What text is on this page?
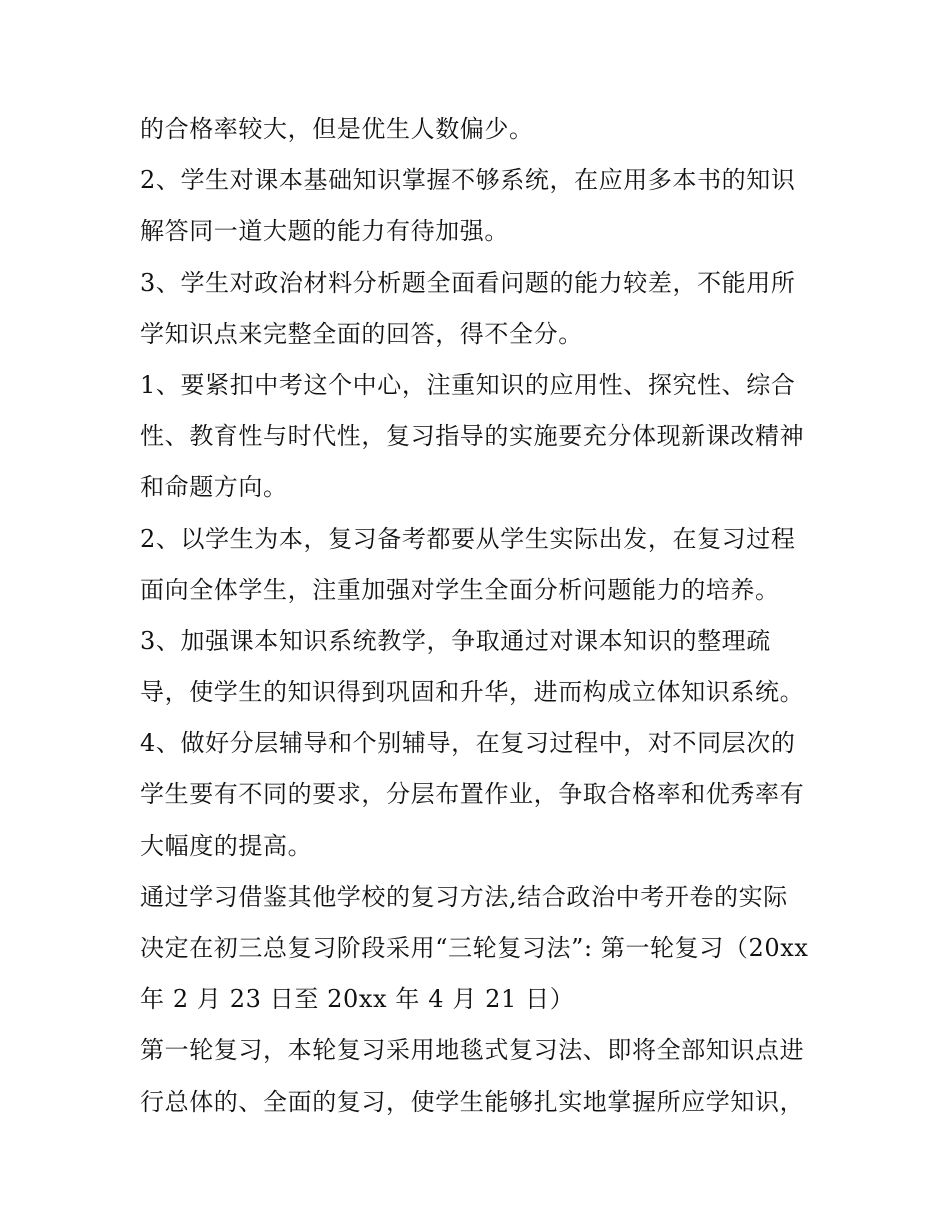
的合格率较大，但是优生人数偏少。
2、学生对课本基础知识掌握不够系统，在应用多本书的知识
解答同一道大题的能力有待加强。
3、学生对政治材料分析题全面看问题的能力较差，不能用所
学知识点来完整全面的回答，得不全分。
1、要紧扣中考这个中心，注重知识的应用性、探究性、综合
性、教育性与时代性，复习指导的实施要充分体现新课改精神
和命题方向。
2、以学生为本，复习备考都要从学生实际出发，在复习过程
面向全体学生，注重加强对学生全面分析问题能力的培养。
3、加强课本知识系统教学，争取通过对课本知识的整理疏
导，使学生的知识得到巩固和升华，进而构成立体知识系统。
4、做好分层辅导和个别辅导，在复习过程中，对不同层次的
学生要有不同的要求，分层布置作业，争取合格率和优秀率有
大幅度的提高。
通过学习借鉴其他学校的复习方法,结合政治中考开卷的实际
决定在初三总复习阶段采用“三轮复习法”: 第一轮复习（20xx
年 2 月 23 日至 20xx 年 4 月 21 日）
第一轮复习，本轮复习采用地毯式复习法、即将全部知识点进
行总体的、全面的复习，使学生能够扎实地掌握所应学知识，
